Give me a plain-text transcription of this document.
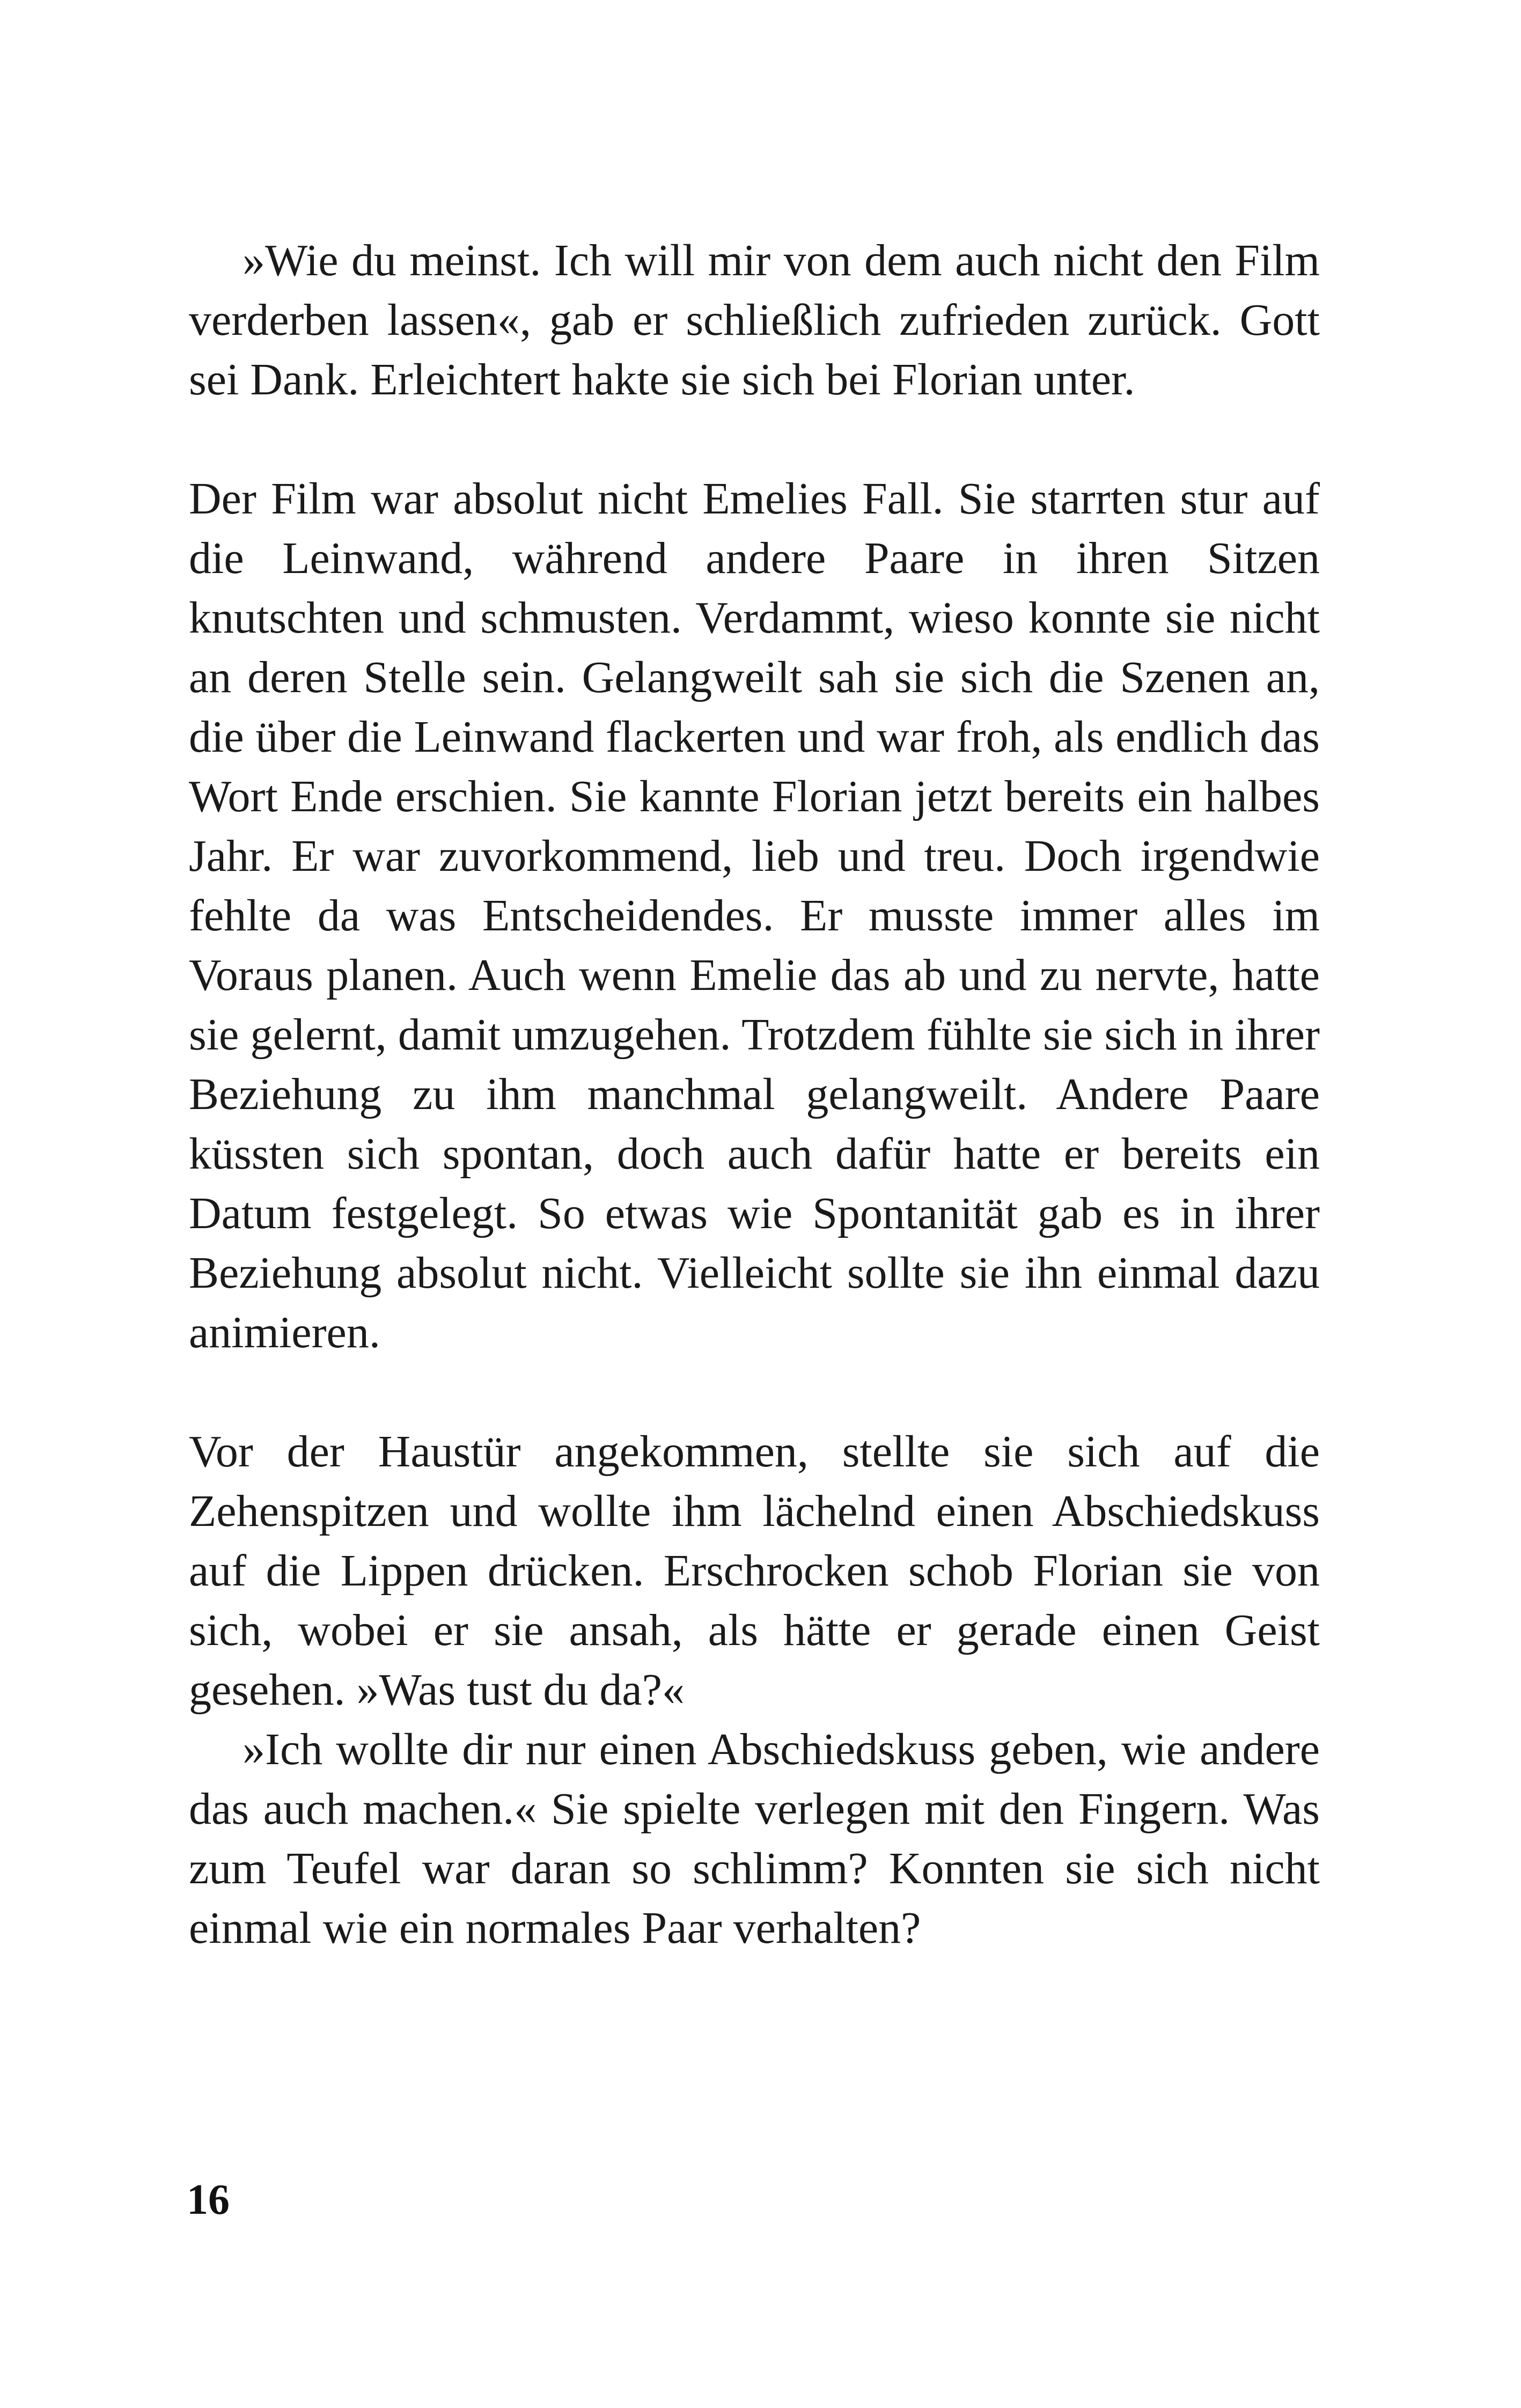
»Wie du meinst. Ich will mir von dem auch nicht den Film verderben lassen«, gab er schließlich zufrieden zurück. Gott sei Dank. Erleichtert hakte sie sich bei Florian unter.

Der Film war absolut nicht Emelies Fall. Sie starrten stur auf die Leinwand, während andere Paare in ihren Sitzen knutschten und schmusten. Verdammt, wieso konnte sie nicht an deren Stelle sein. Gelangweilt sah sie sich die Szenen an, die über die Leinwand flackerten und war froh, als endlich das Wort Ende erschien. Sie kannte Florian jetzt bereits ein halbes Jahr. Er war zuvorkommend, lieb und treu. Doch irgendwie fehlte da was Entscheidendes. Er musste immer alles im Voraus planen. Auch wenn Emelie das ab und zu nervte, hatte sie gelernt, damit umzugehen. Trotzdem fühlte sie sich in ihrer Beziehung zu ihm manchmal gelangweilt. Andere Paare küssten sich spontan, doch auch dafür hatte er bereits ein Datum festgelegt. So etwas wie Spontanität gab es in ihrer Beziehung absolut nicht. Vielleicht sollte sie ihn einmal dazu animieren.

Vor der Haustür angekommen, stellte sie sich auf die Zehenspitzen und wollte ihm lächelnd einen Abschiedskuss auf die Lippen drücken. Erschrocken schob Florian sie von sich, wobei er sie ansah, als hätte er gerade einen Geist gesehen. »Was tust du da?«

»Ich wollte dir nur einen Abschiedskuss geben, wie andere das auch machen.« Sie spielte verlegen mit den Fingern. Was zum Teufel war daran so schlimm? Konnten sie sich nicht einmal wie ein normales Paar verhalten?

16
